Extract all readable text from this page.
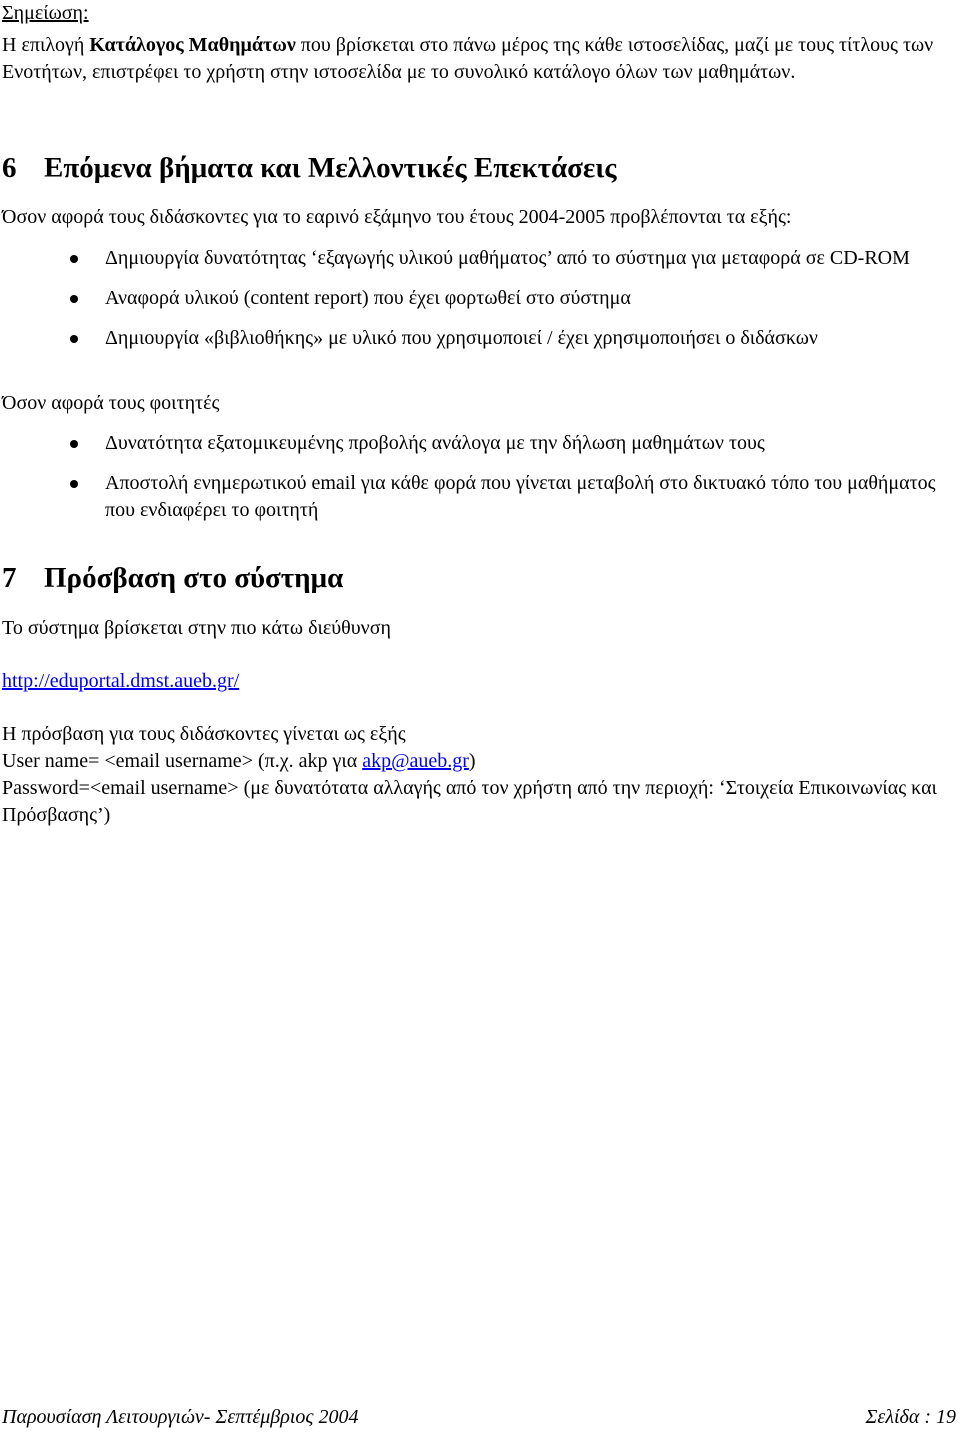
Σημείωση:
Η επιλογή Κατάλογος Μαθημάτων που βρίσκεται στο πάνω μέρος της κάθε ιστοσελίδας, μαζί με τους τίτλους των Ενοτήτων, επιστρέφει το χρήστη στην ιστοσελίδα με το συνολικό κατάλογο όλων των μαθημάτων.
6 Επόμενα βήματα και Μελλοντικές Επεκτάσεις
Όσον αφορά τους διδάσκοντες για το εαρινό εξάμηνο του έτους 2004-2005 προβλέπονται τα εξής:
Δημιουργία δυνατότητας ‘εξαγωγής υλικού μαθήματος’ από το σύστημα για μεταφορά σε CD-ROM
Αναφορά υλικού (content report) που έχει φορτωθεί στο σύστημα
Δημιουργία «βιβλιοθήκης» με υλικό που χρησιμοποιεί / έχει χρησιμοποιήσει ο διδάσκων
Όσον αφορά τους φοιτητές
Δυνατότητα εξατομικευμένης προβολής ανάλογα με την δήλωση μαθημάτων τους
Αποστολή ενημερωτικού email για κάθε φορά που γίνεται μεταβολή στο δικτυακό τόπο του μαθήματος που ενδιαφέρει το φοιτητή
7 Πρόσβαση στο σύστημα
Το σύστημα βρίσκεται στην πιο κάτω διεύθυνση
http://eduportal.dmst.aueb.gr/
Η πρόσβαση για τους διδάσκοντες γίνεται ως εξής
User name= <email username> (π.χ. akp για akp@aueb.gr)
Password=<email username> (με δυνατότατα αλλαγής από τον χρήστη από την περιοχή: ‘Στοιχεία Επικοινωνίας και Πρόσβασης’)
Παρουσίαση Λειτουργιών- Σεπτέμβριος 2004	Σελίδα : 19
